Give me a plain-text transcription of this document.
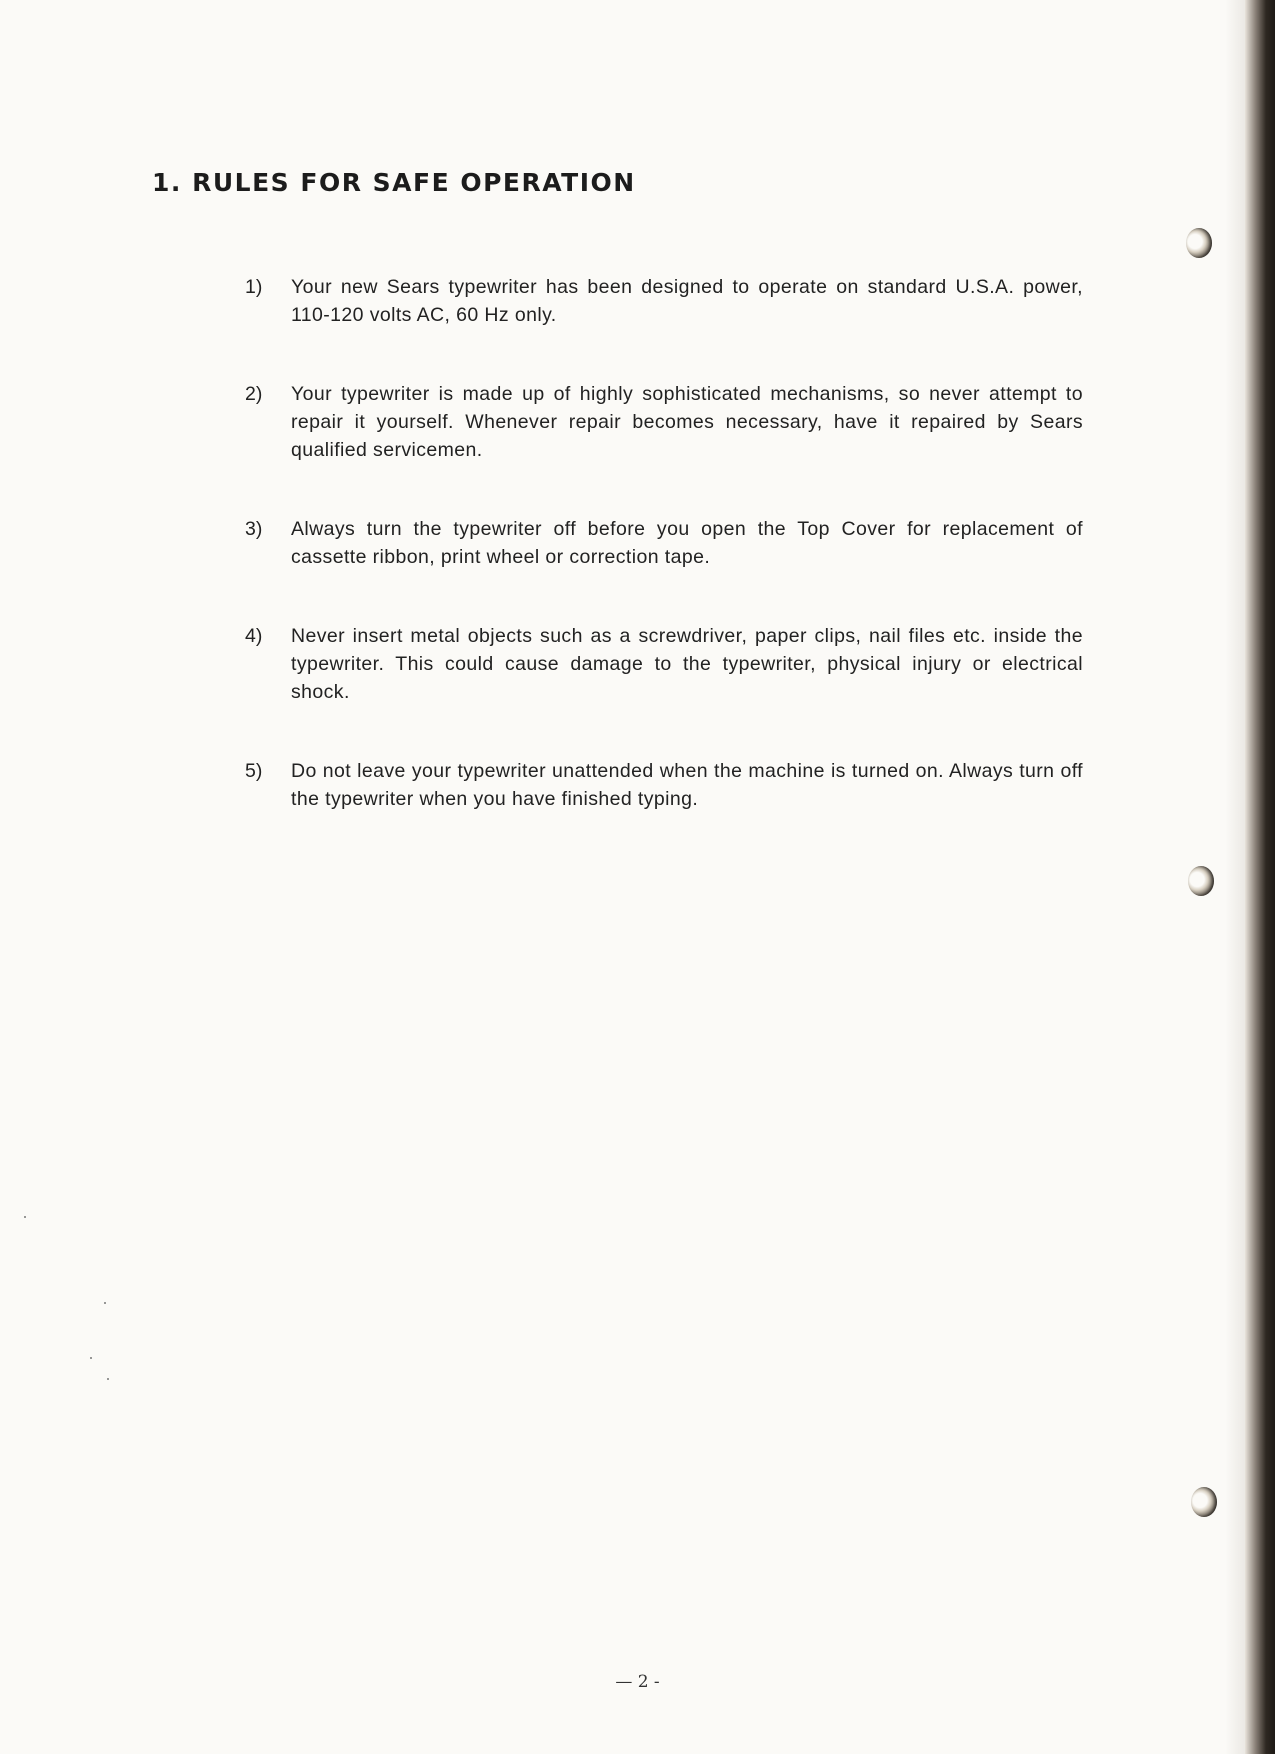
1. RULES FOR SAFE OPERATION
1)	Your new Sears typewriter has been designed to operate on standard U.S.A. power, 110-120 volts AC, 60 Hz only.
2)	Your typewriter is made up of highly sophisticated mechanisms, so never attempt to repair it yourself. Whenever repair becomes necessary, have it repaired by Sears qualified servicemen.
3)	Always turn the typewriter off before you open the Top Cover for replacement of cassette ribbon, print wheel or correction tape.
4)	Never insert metal objects such as a screwdriver, paper clips, nail files etc. inside the typewriter. This could cause damage to the typewriter, physical injury or electrical shock.
5)	Do not leave your typewriter unattended when the machine is turned on. Always turn off the typewriter when you have finished typing.
— 2 -
